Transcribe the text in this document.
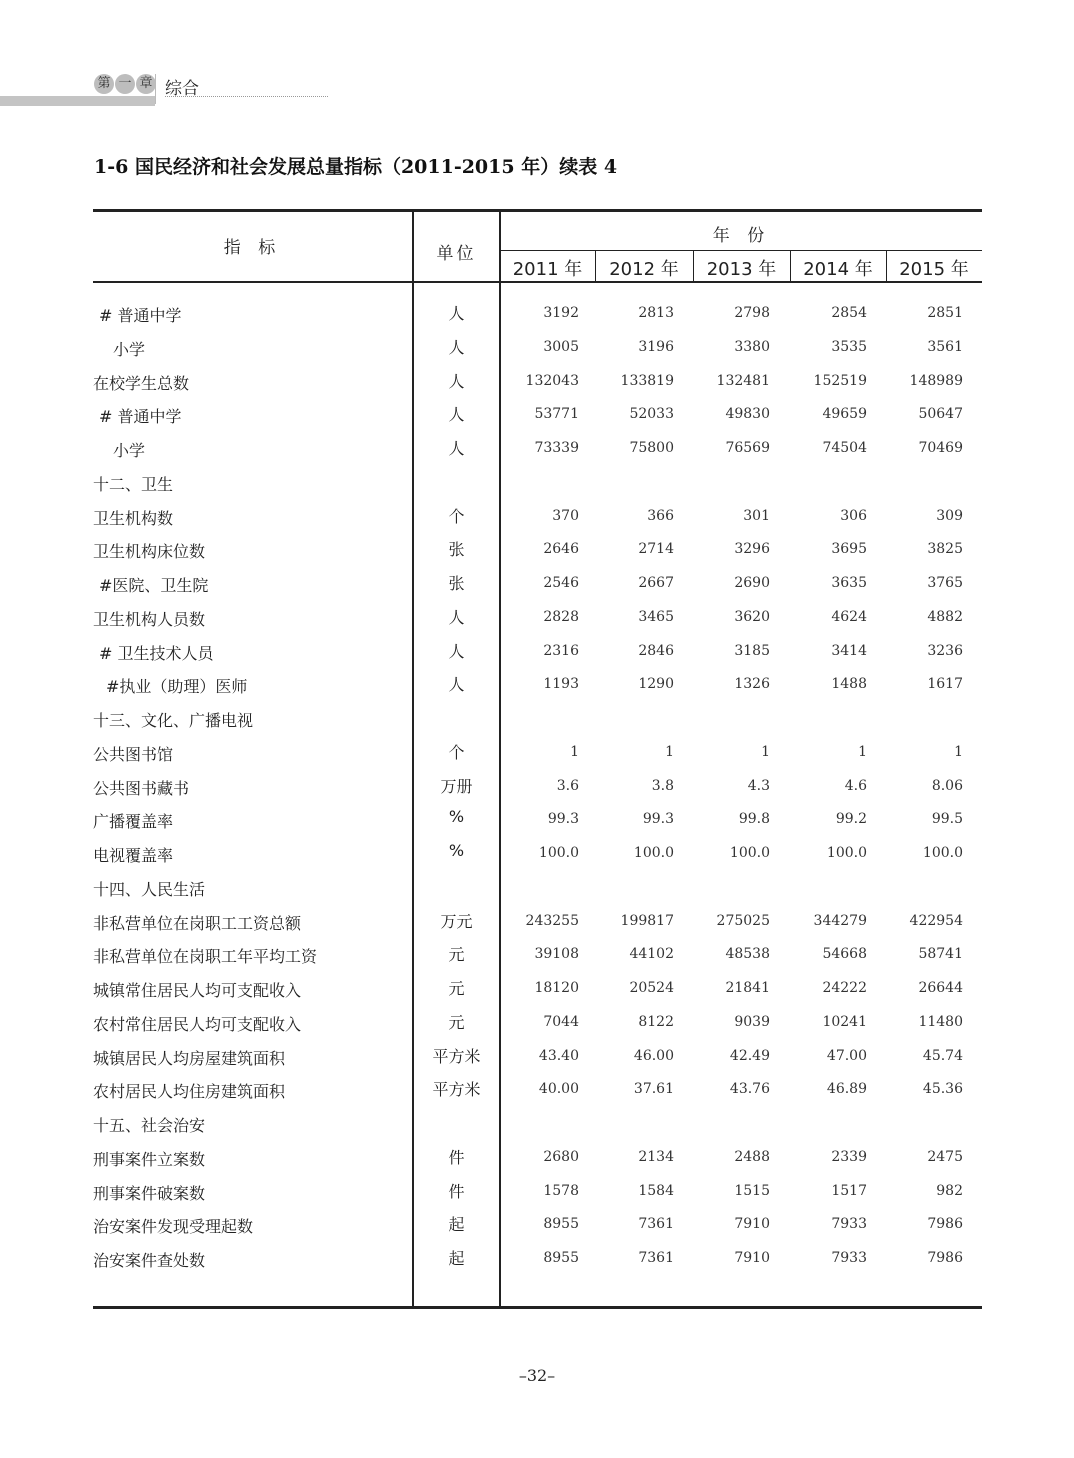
第 一 章 综合
1-6 国民经济和社会发展总量指标（2011-2015 年）续表 4
指 标	单位
年 份
2011 年	2012 年	2013 年	2014 年	2015 年
# 普通中学	人	3192	2813	2798	2854	2851
小学	人	3005	3196	3380	3535	3561
在校学生总数	人	132043	133819	132481	152519	148989
# 普通中学	人	53771	52033	49830	49659	50647
小学	人	73339	75800	76569	74504	70469
十二、卫生
卫生机构数	个	370	366	301	306	309
卫生机构床位数	张	2646	2714	3296	3695	3825
#医院、卫生院	张	2546	2667	2690	3635	3765
卫生机构人员数	人	2828	3465	3620	4624	4882
# 卫生技术人员	人	2316	2846	3185	3414	3236
#执业（助理）医师	人	1193	1290	1326	1488	1617
十三、文化、广播电视
公共图书馆	个	1	1	1	1	1
公共图书藏书	万册	3.6	3.8	4.3	4.6	8.06
广播覆盖率	%	99.3	99.3	99.8	99.2	99.5
电视覆盖率	%	100.0	100.0	100.0	100.0	100.0
十四、人民生活
非私营单位在岗职工工资总额	万元	243255	199817	275025	344279	422954
非私营单位在岗职工年平均工资	元	39108	44102	48538	54668	58741
城镇常住居民人均可支配收入	元	18120	20524	21841	24222	26644
农村常住居民人均可支配收入	元	7044	8122	9039	10241	11480
城镇居民人均房屋建筑面积	平方米	43.40	46.00	42.49	47.00	45.74
农村居民人均住房建筑面积	平方米	40.00	37.61	43.76	46.89	45.36
十五、社会治安
刑事案件立案数	件	2680	2134	2488	2339	2475
刑事案件破案数	件	1578	1584	1515	1517	982
治安案件发现受理起数	起	8955	7361	7910	7933	7986
治安案件查处数	起	8955	7361	7910	7933	7986
–32–
